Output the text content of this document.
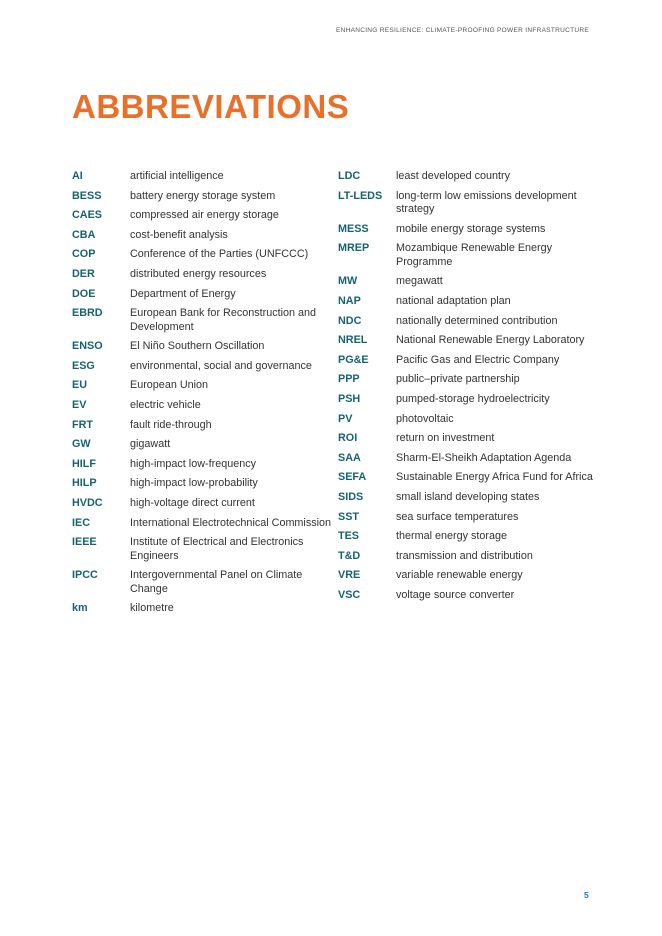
ENHANCING RESILIENCE: CLIMATE-PROOFING POWER INFRASTRUCTURE
ABBREVIATIONS
AI	artificial intelligence
BESS	battery energy storage system
CAES	compressed air energy storage
CBA	cost-benefit analysis
COP	Conference of the Parties (UNFCCC)
DER	distributed energy resources
DOE	Department of Energy
EBRD	European Bank for Reconstruction and Development
ENSO	El Niño Southern Oscillation
ESG	environmental, social and governance
EU	European Union
EV	electric vehicle
FRT	fault ride-through
GW	gigawatt
HILF	high-impact low-frequency
HILP	high-impact low-probability
HVDC	high-voltage direct current
IEC	International Electrotechnical Commission
IEEE	Institute of Electrical and Electronics Engineers
IPCC	Intergovernmental Panel on Climate Change
km	kilometre
LDC	least developed country
LT-LEDS	long-term low emissions development strategy
MESS	mobile energy storage systems
MREP	Mozambique Renewable Energy Programme
MW	megawatt
NAP	national adaptation plan
NDC	nationally determined contribution
NREL	National Renewable Energy Laboratory
PG&E	Pacific Gas and Electric Company
PPP	public–private partnership
PSH	pumped-storage hydroelectricity
PV	photovoltaic
ROI	return on investment
SAA	Sharm-El-Sheikh Adaptation Agenda
SEFA	Sustainable Energy Africa Fund for Africa
SIDS	small island developing states
SST	sea surface temperatures
TES	thermal energy storage
T&D	transmission and distribution
VRE	variable renewable energy
VSC	voltage source converter
5
